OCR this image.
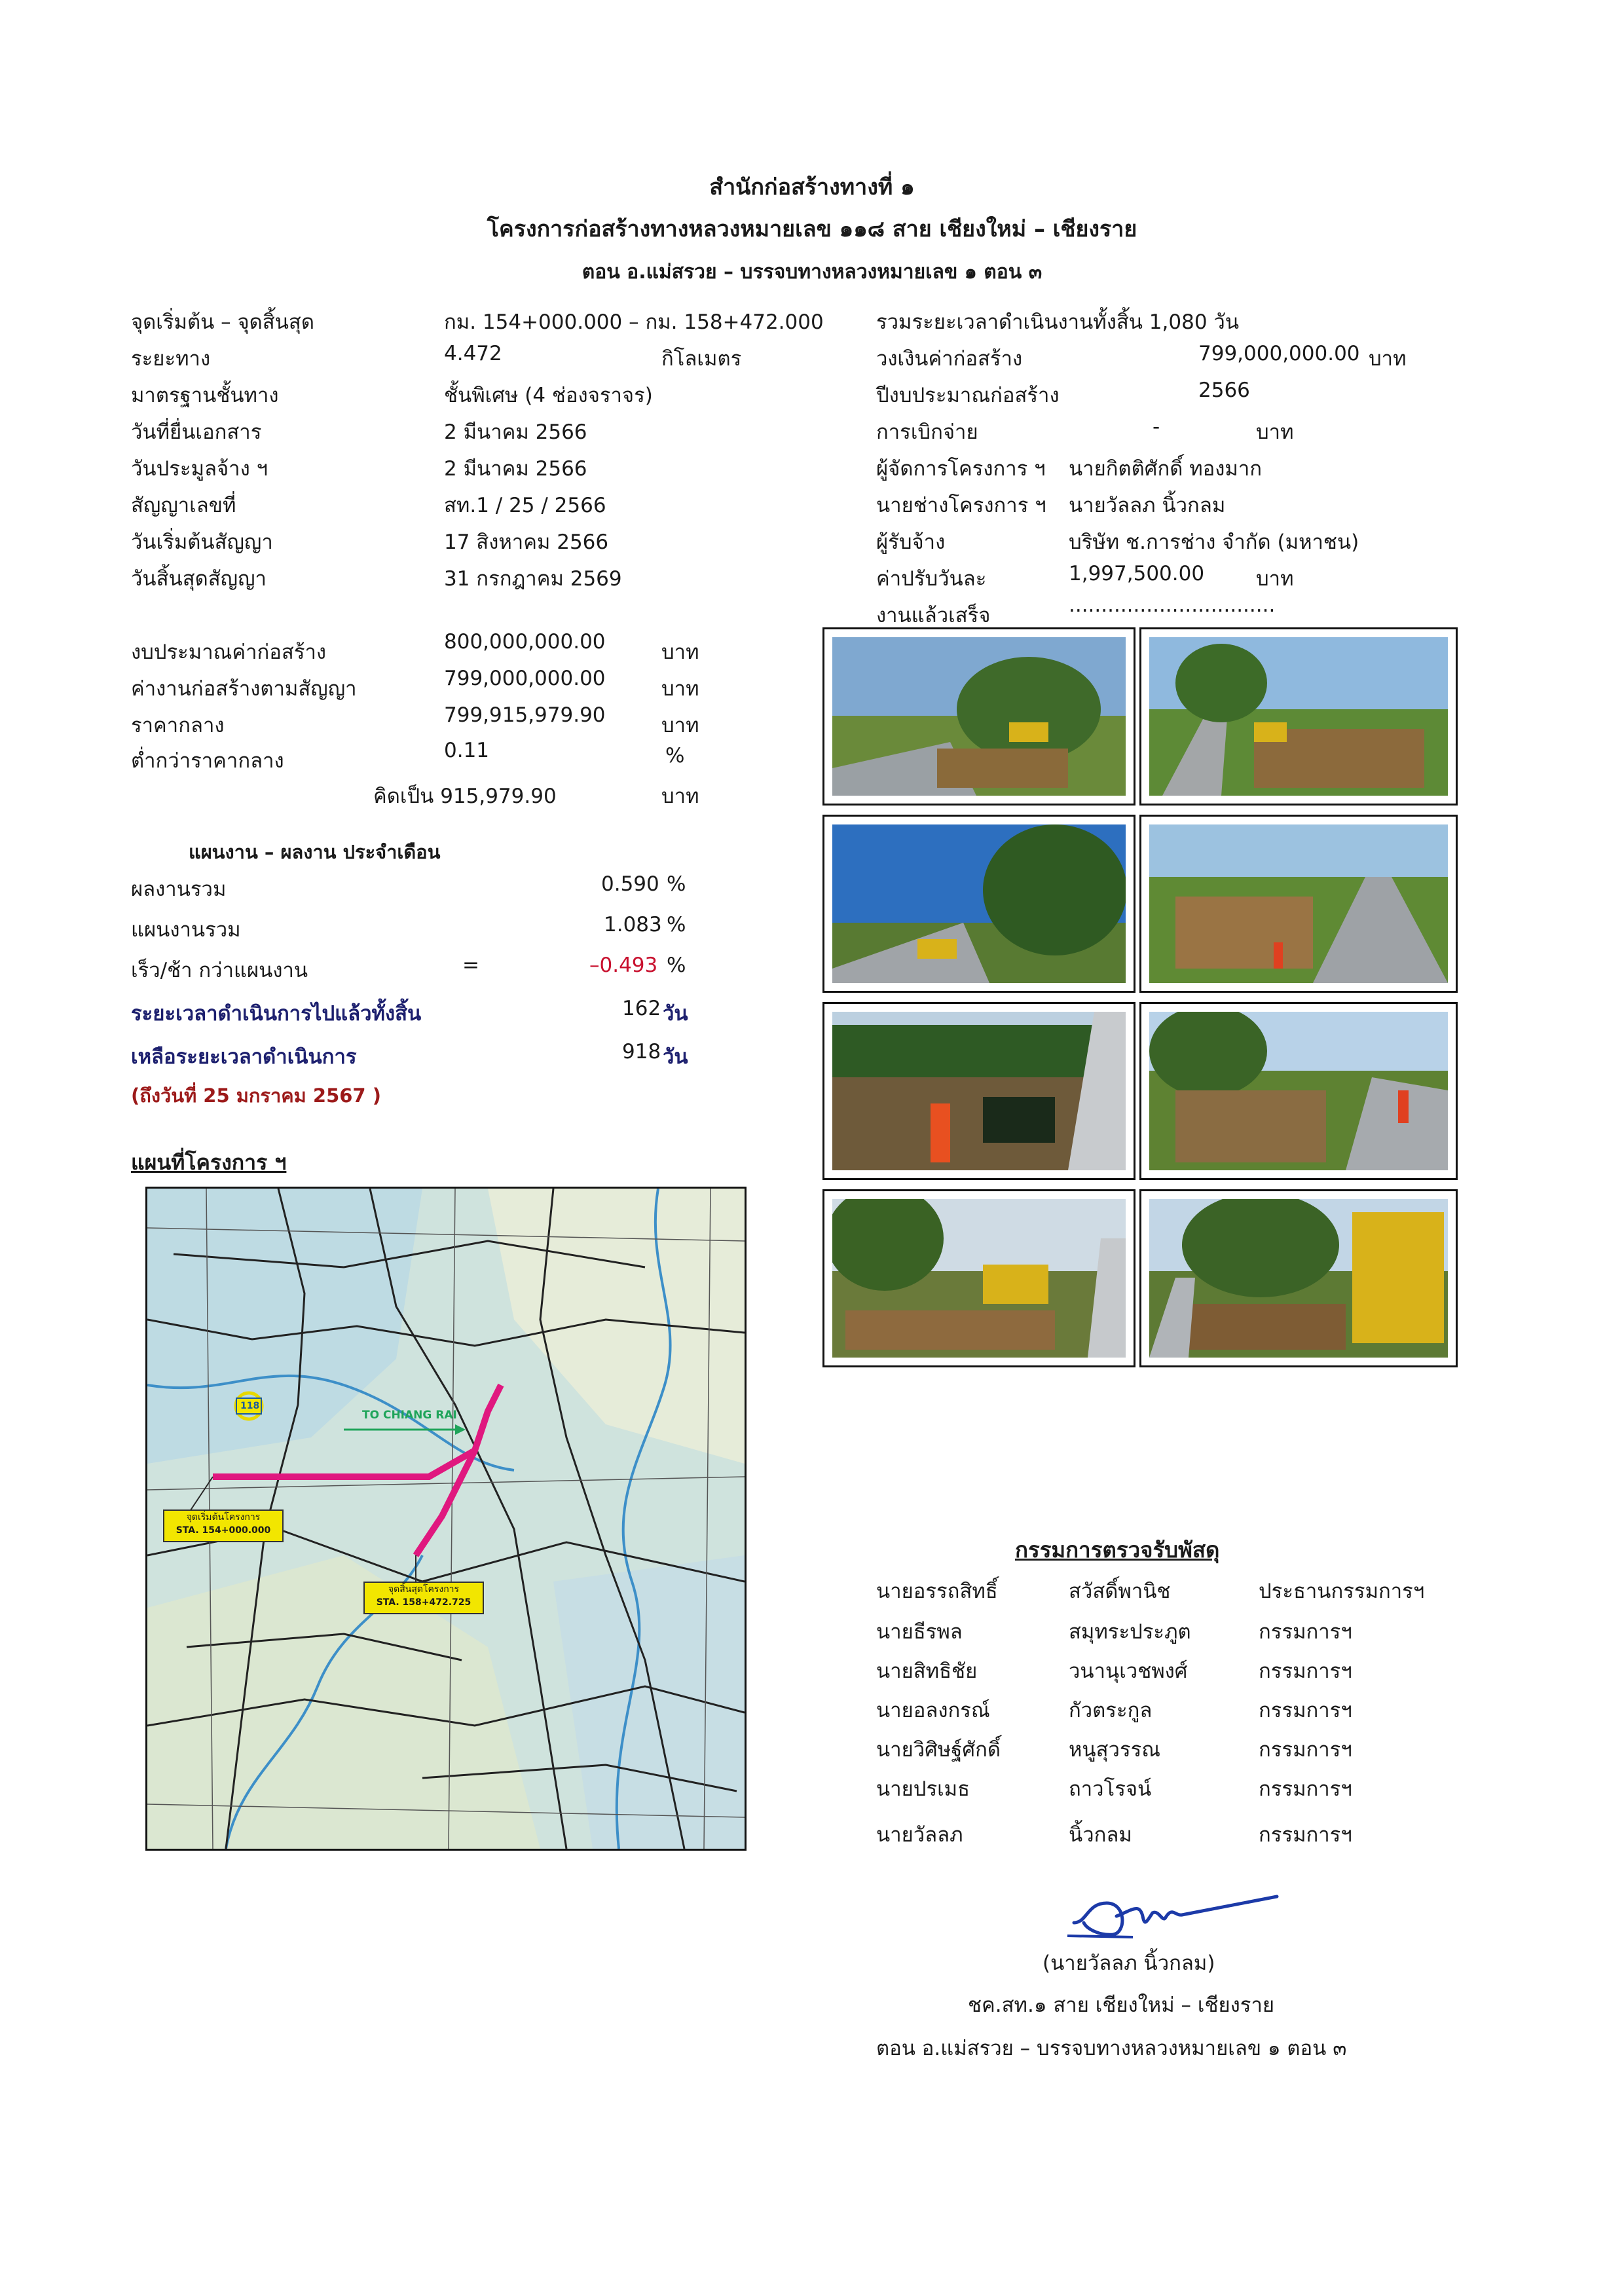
สำนักก่อสร้างทางที่ ๑
โครงการก่อสร้างทางหลวงหมายเลข ๑๑๘ สาย เชียงใหม่ – เชียงราย
ตอน อ.แม่สรวย – บรรจบทางหลวงหมายเลข ๑ ตอน ๓
จุดเริ่มต้น – จุดสิ้นสุด	กม. 154+000.000 – กม. 158+472.000
ระยะทาง	4.472	กิโลเมตร
มาตรฐานชั้นทาง	ชั้นพิเศษ (4 ช่องจราจร)
วันที่ยื่นเอกสาร	2 มีนาคม 2566
วันประมูลจ้าง ฯ	2 มีนาคม 2566
สัญญาเลขที่	สท.1 / 25 / 2566
วันเริ่มต้นสัญญา	17 สิงหาคม 2566
วันสิ้นสุดสัญญา	31 กรกฎาคม 2569
รวมระยะเวลาดำเนินงานทั้งสิ้น 1,080 วัน
วงเงินค่าก่อสร้าง	799,000,000.00 บาท
ปีงบประมาณก่อสร้าง	2566
การเบิกจ่าย	-	บาท
ผู้จัดการโครงการ ฯ นายกิตติศักดิ์ ทองมาก
นายช่างโครงการ ฯ นายวัลลภ นิ้วกลม
ผู้รับจ้าง	บริษัท ช.การช่าง จำกัด (มหาชน)
ค่าปรับวันละ	1,997,500.00	บาท
งานแล้วเสร็จ	................................
งบประมาณค่าก่อสร้าง	800,000,000.00	บาท
ค่างานก่อสร้างตามสัญญา	799,000,000.00	บาท
ราคากลาง	799,915,979.90	บาท
ต่ำกว่าราคากลาง	0.11	%
คิดเป็น 915,979.90	บาท
แผนงาน – ผลงาน ประจำเดือน
ผลงานรวม	0.590 %
แผนงานรวม	1.083 %
เร็ว/ช้า กว่าแผนงาน	=	–0.493 %
ระยะเวลาดำเนินการไปแล้วทั้งสิ้น	162 วัน
เหลือระยะเวลาดำเนินการ	918 วัน
(ถึงวันที่ 25 มกราคม 2567 )
แผนที่โครงการ ฯ
TO CHIANG RAI
118
จุดเริ่มต้นโครงการ
STA. 154+000.000
จุดสิ้นสุดโครงการ
STA. 158+472.725
กรรมการตรวจรับพัสดุ
นายอรรถสิทธิ์	สวัสดิ์พานิช	ประธานกรรมการฯ
นายธีรพล	สมุทระประภูต	กรรมการฯ
นายสิทธิชัย	วนานุเวชพงศ์	กรรมการฯ
นายอลงกรณ์	กัวตระกูล	กรรมการฯ
นายวิศิษฐ์ศักดิ์	หนูสุวรรณ	กรรมการฯ
นายปรเมธ	ถาวโรจน์	กรรมการฯ
นายวัลลภ	นิ้วกลม	กรรมการฯ
(นายวัลลภ นิ้วกลม)
ชค.สท.๑ สาย เชียงใหม่ – เชียงราย
ตอน อ.แม่สรวย – บรรจบทางหลวงหมายเลข ๑ ตอน ๓
